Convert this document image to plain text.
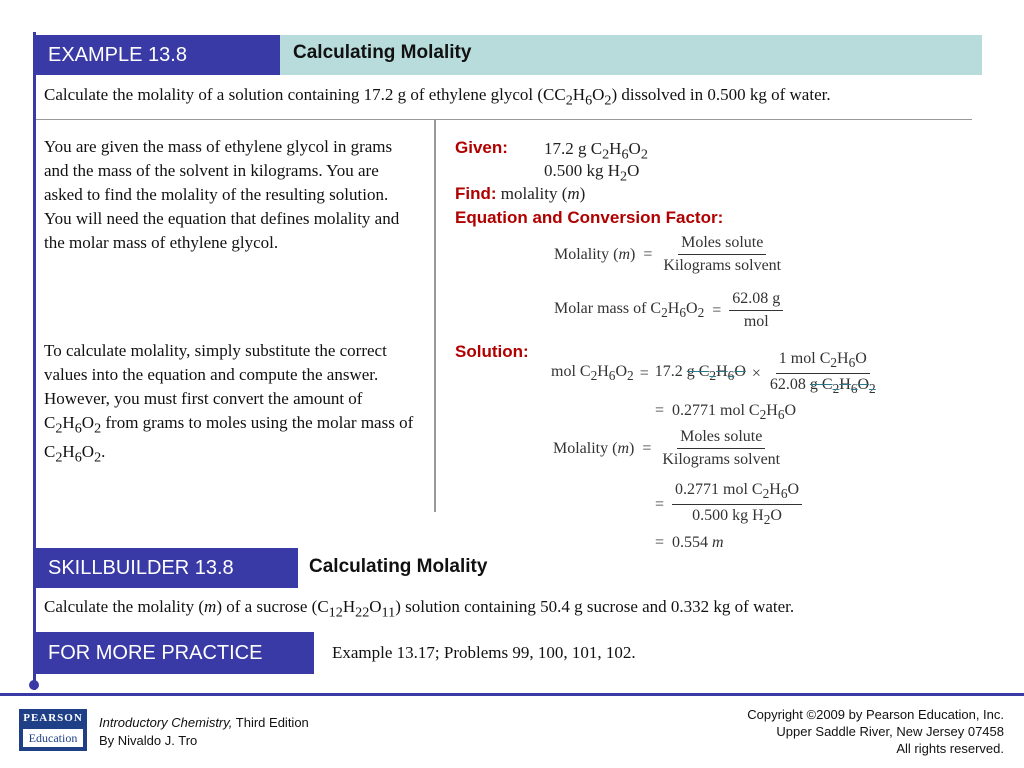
EXAMPLE 13.8	Calculating Molality
Calculate the molality of a solution containing 17.2 g of ethylene glycol $(CC_2H_6O_2)$ dissolved in 0.500 kg of water.
You are given the mass of ethylene glycol in grams and the mass of the solvent in kilograms. You are asked to find the molality of the resulting solution.
You will need the equation that defines molality and the molar mass of ethylene glycol.
To calculate molality, simply substitute the correct values into the equation and compute the answer. However, you must first convert the amount of $C_2H_6O_2$ from grams to moles using the molar mass of $C_2H_6O_2$.
Given: 17.2 g $C_2H_6O_2$
0.500 kg $H_2O$
Find: molality (m)
Equation and Conversion Factor:
Molality $(m) = \frac{\text{Moles solute}}{\text{Kilograms solvent}}$
Molar mass of $C_2H_6O_2 = \frac{62.08 g}{\text{mol}}$
Solution:
mol $C_2H_6O_2 = 17.2$ g $C_2H_6O \times \frac{1 mol C_2H_6O}{62.08 g C_2H_6O_2}$
= 0.2771 mol $C_2H_6O$
Molality $(m) = \frac{\text{Moles solute}}{\text{Kilograms solvent}}$
= $\frac{0.2771 mol C_2H_6O}{0.500 kg H_2O}$
= 0.554 m
SKILLBUILDER 13.8	Calculating Molality
Calculate the molality (m) of a sucrose $(C_{12}H_{22}O_{11})$ solution containing 50.4 g sucrose and 0.332 kg of water.
FOR MORE PRACTICE	Example 13.17; Problems 99, 100, 101, 102.
PEARSON
Education
Introductory Chemistry, Third Edition
By Nivaldo J. Tro
Copyright ©2009 by Pearson Education, Inc.
Upper Saddle River, New Jersey 07458
All rights reserved.
